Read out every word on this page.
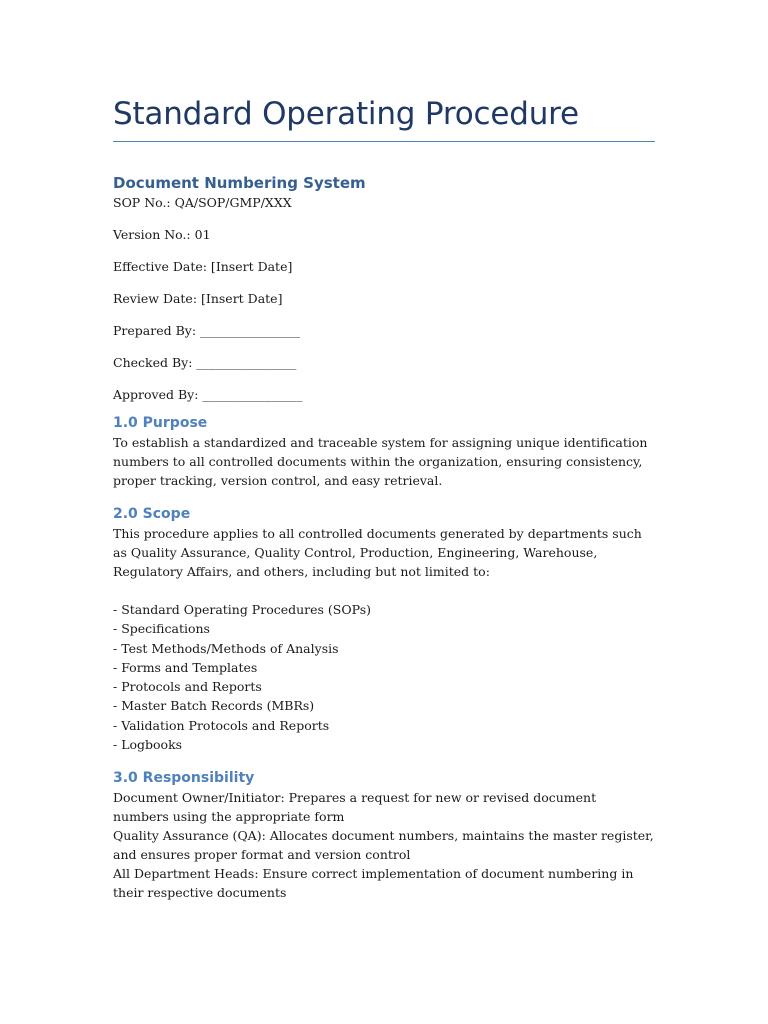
Standard Operating Procedure
Document Numbering System

SOP No.: QA/SOP/GMP/XXX

Version No.: 01

Effective Date: [Insert Date]

Review Date: [Insert Date]

Prepared By: ________________

Checked By: ________________

Approved By: ________________

1.0 Purpose

To establish a standardized and traceable system for assigning unique identification numbers to all controlled documents within the organization, ensuring consistency, proper tracking, version control, and easy retrieval.

2.0 Scope

This procedure applies to all controlled documents generated by departments such as Quality Assurance, Quality Control, Production, Engineering, Warehouse, Regulatory Affairs, and others, including but not limited to:

- Standard Operating Procedures (SOPs)
- Specifications
- Test Methods/Methods of Analysis
- Forms and Templates
- Protocols and Reports
- Master Batch Records (MBRs)
- Validation Protocols and Reports
- Logbooks
3.0 Responsibility

Document Owner/Initiator: Prepares a request for new or revised document numbers using the appropriate form

Quality Assurance (QA): Allocates document numbers, maintains the master register, and ensures proper format and version control

All Department Heads: Ensure correct implementation of document numbering in their respective documents
